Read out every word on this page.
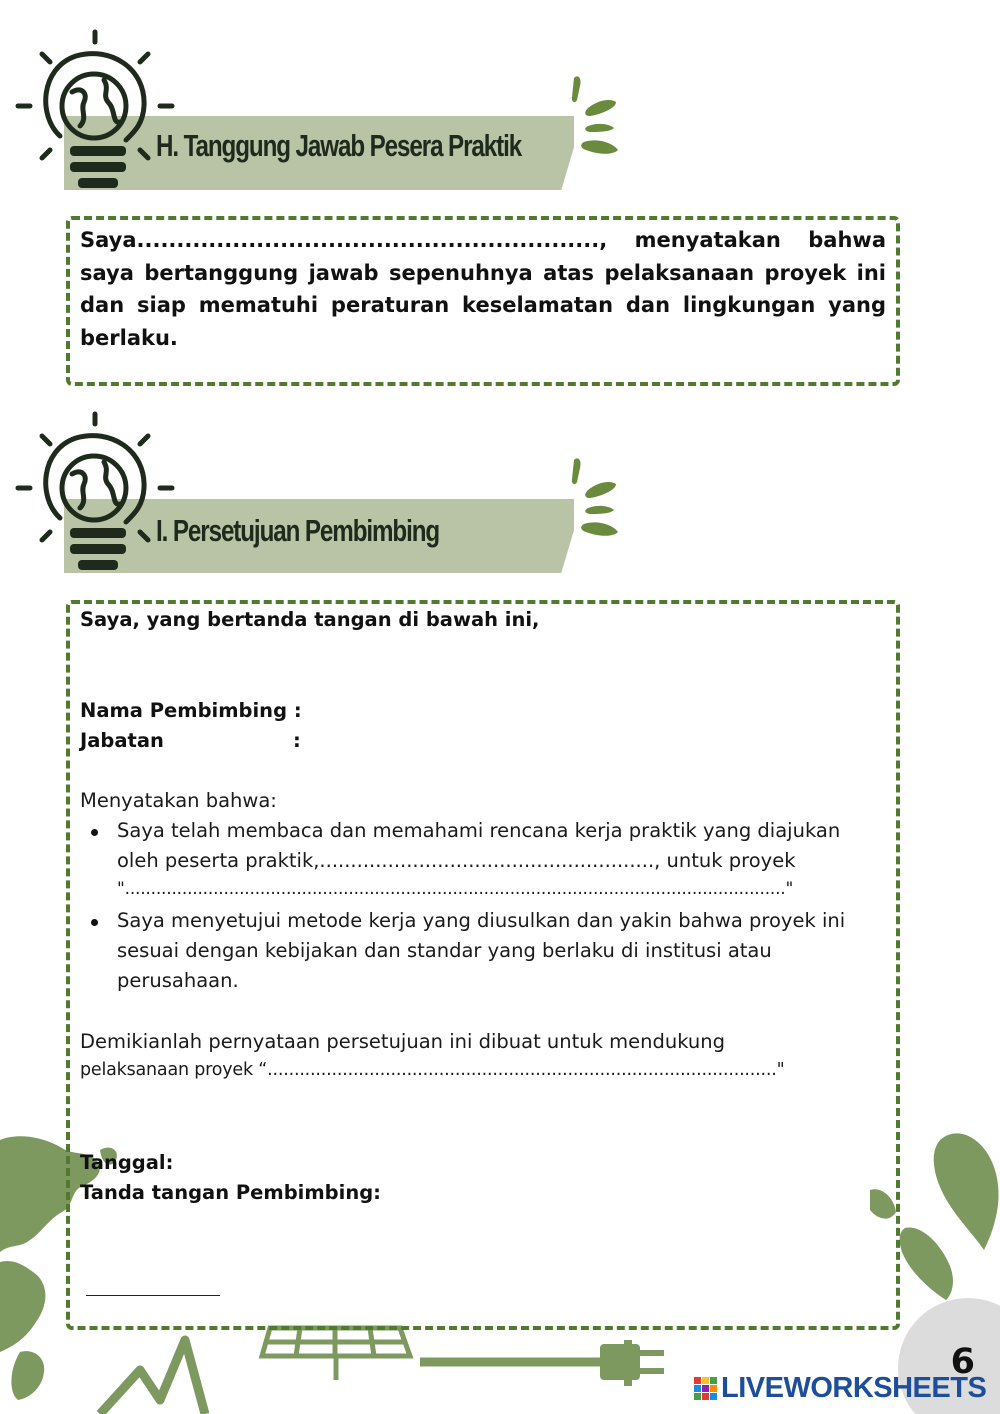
H. Tanggung Jawab Pesera Praktik
Saya.........................................................., menyatakan bahwa saya bertanggung jawab sepenuhnya atas pelaksanaan proyek ini dan siap mematuhi peraturan keselamatan dan lingkungan yang berlaku.
I. Persetujuan Pembimbing
Saya, yang bertanda tangan di bawah ini,
Nama Pembimbing :
Jabatan	:
Menyatakan bahwa:
Saya telah membaca dan memahami rencana kerja praktik yang diajukan
oleh peserta praktik,......................................................, untuk proyek
"..............................................................................................................................."
Saya menyetujui metode kerja yang diusulkan dan yakin bahwa proyek ini
sesuai dengan kebijakan dan standar yang berlaku di institusi atau
perusahaan.
Demikianlah pernyataan persetujuan ini dibuat untuk mendukung
pelaksanaan proyek “..............................................................................................."
Tanggal:
Tanda tangan Pembimbing:
6
LIVEWORKSHEETS
